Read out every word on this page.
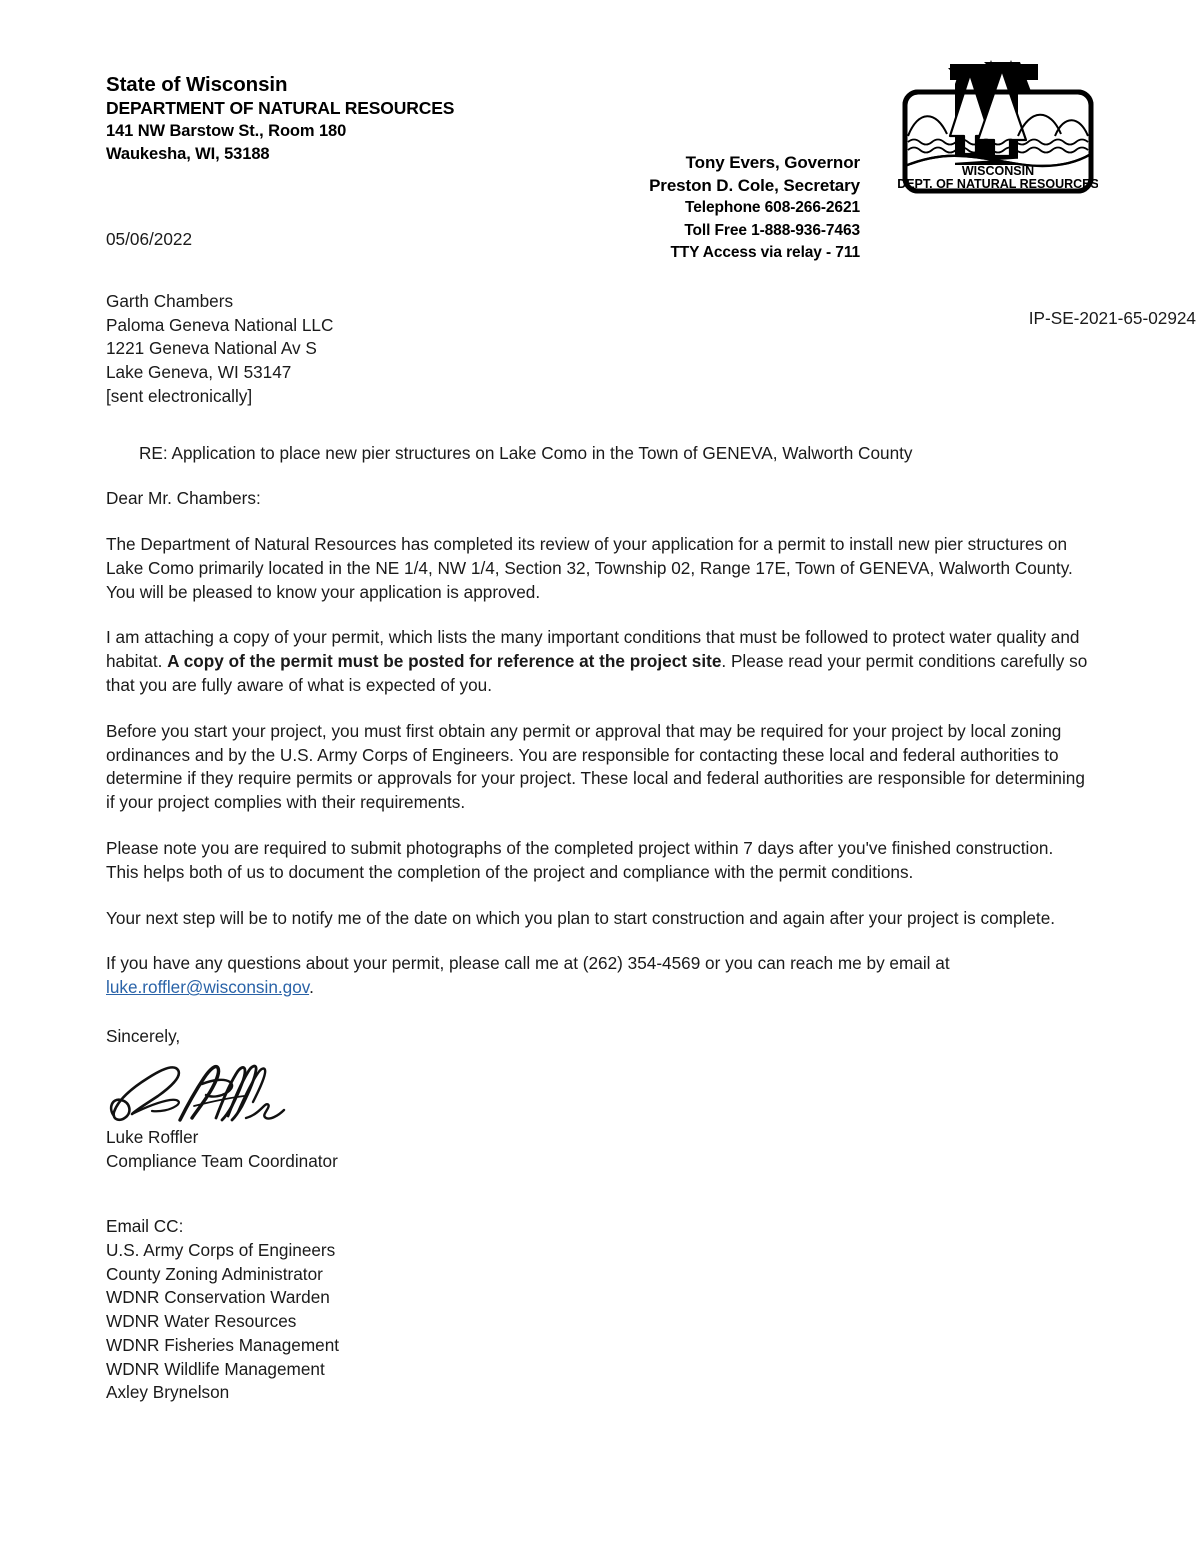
State of Wisconsin
DEPARTMENT OF NATURAL RESOURCES
141 NW Barstow St., Room 180
Waukesha, WI, 53188	Tony Evers, Governor
Preston D. Cole, Secretary
Telephone 608-266-2621
Toll Free 1-888-936-7463
TTY Access via relay - 711
WISCONSIN
DEPT. OF NATURAL RESOURCES
05/06/2022
Garth Chambers
Paloma Geneva National LLC
1221 Geneva National Av S
Lake Geneva, WI 53147
[sent electronically]
IP-SE-2021-65-02924
RE: Application to place new pier structures on Lake Como in the Town of GENEVA, Walworth County
Dear Mr. Chambers:

The Department of Natural Resources has completed its review of your application for a permit to install new pier structures on Lake Como primarily located in the NE 1/4, NW 1/4, Section 32, Township 02, Range 17E, Town of GENEVA, Walworth County. You will be pleased to know your application is approved.

I am attaching a copy of your permit, which lists the many important conditions that must be followed to protect water quality and habitat. A copy of the permit must be posted for reference at the project site. Please read your permit conditions carefully so that you are fully aware of what is expected of you.

Before you start your project, you must first obtain any permit or approval that may be required for your project by local zoning ordinances and by the U.S. Army Corps of Engineers. You are responsible for contacting these local and federal authorities to determine if they require permits or approvals for your project. These local and federal authorities are responsible for determining if your project complies with their requirements.

Please note you are required to submit photographs of the completed project within 7 days after you've finished construction. This helps both of us to document the completion of the project and compliance with the permit conditions.

Your next step will be to notify me of the date on which you plan to start construction and again after your project is complete.

If you have any questions about your permit, please call me at (262) 354-4569 or you can reach me by email at luke.roffler@wisconsin.gov.

Sincerely,
Luke Roffler
Compliance Team Coordinator
Email CC:
U.S. Army Corps of Engineers
County Zoning Administrator
WDNR Conservation Warden
WDNR Water Resources
WDNR Fisheries Management
WDNR Wildlife Management
Axley Brynelson
